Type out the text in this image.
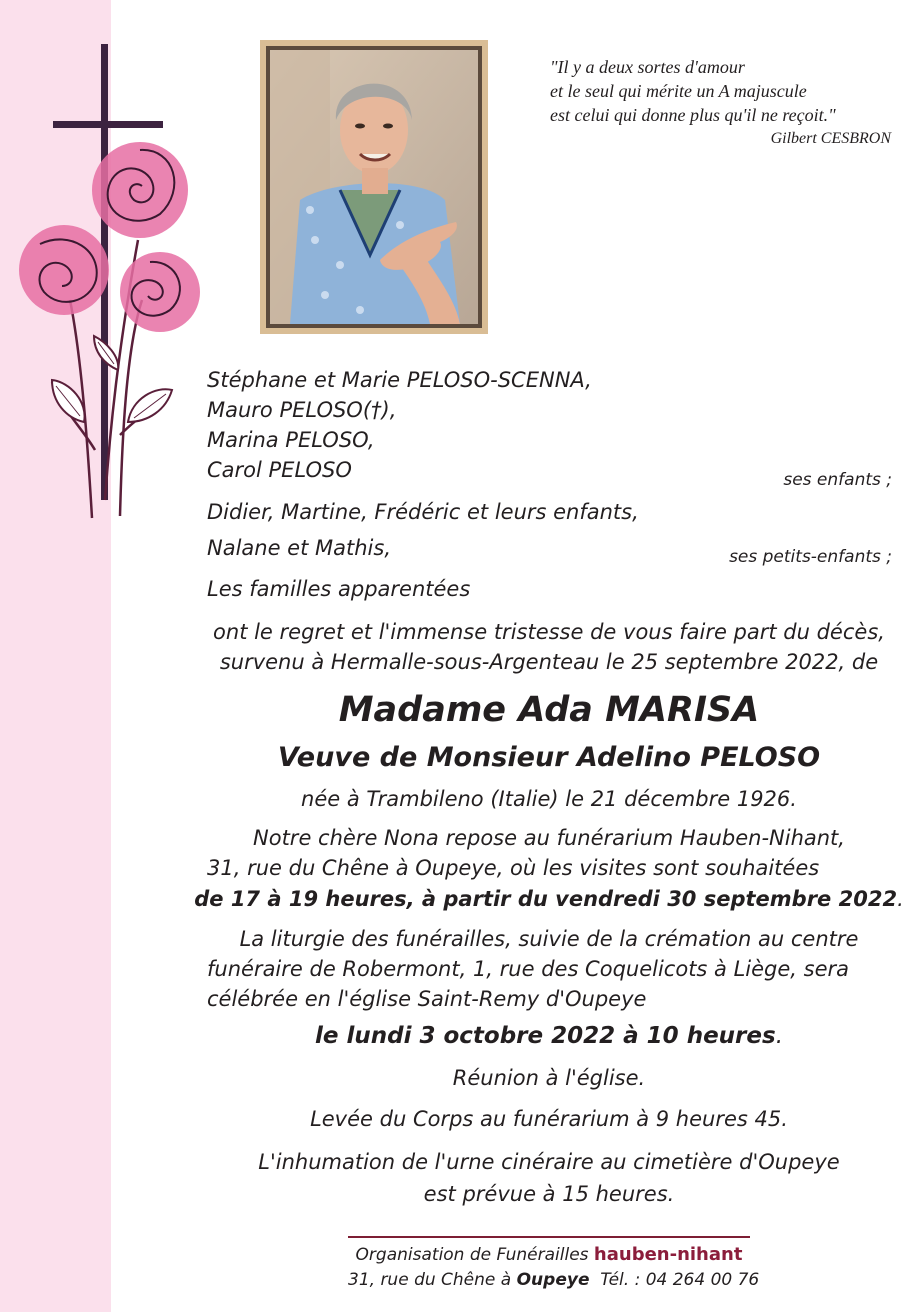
"Il y a deux sortes d'amour
et le seul qui mérite un A majuscule
est celui qui donne plus qu'il ne reçoit."
Gilbert CESBRON
Stéphane et Marie PELOSO-SCENNA,
Mauro PELOSO(†),
Marina PELOSO,
Carol PELOSO	ses enfants ;
Didier, Martine, Frédéric et leurs enfants,
Nalane et Mathis,	ses petits-enfants ;
Les familles apparentées
ont le regret et l'immense tristesse de vous faire part du décès,
survenu à Hermalle-sous-Argenteau le 25 septembre 2022, de
Madame Ada MARISA
Veuve de Monsieur Adelino PELOSO
née à Trambileno (Italie) le 21 décembre 1926.
Notre chère Nona repose au funérarium Hauben-Nihant,
31, rue du Chêne à Oupeye, où les visites sont souhaitées
de 17 à 19 heures, à partir du vendredi 30 septembre 2022.
La liturgie des funérailles, suivie de la crémation au centre
funéraire de Robermont, 1, rue des Coquelicots à Liège, sera
célébrée en l'église Saint-Remy d'Oupeye
le lundi 3 octobre 2022 à 10 heures.
Réunion à l'église.
Levée du Corps au funérarium à 9 heures 45.
L'inhumation de l'urne cinéraire au cimetière d'Oupeye
est prévue à 15 heures.
Organisation de Funérailles hauben-nihant
31, rue du Chêne à Oupeye  Tél. : 04 264 00 76
